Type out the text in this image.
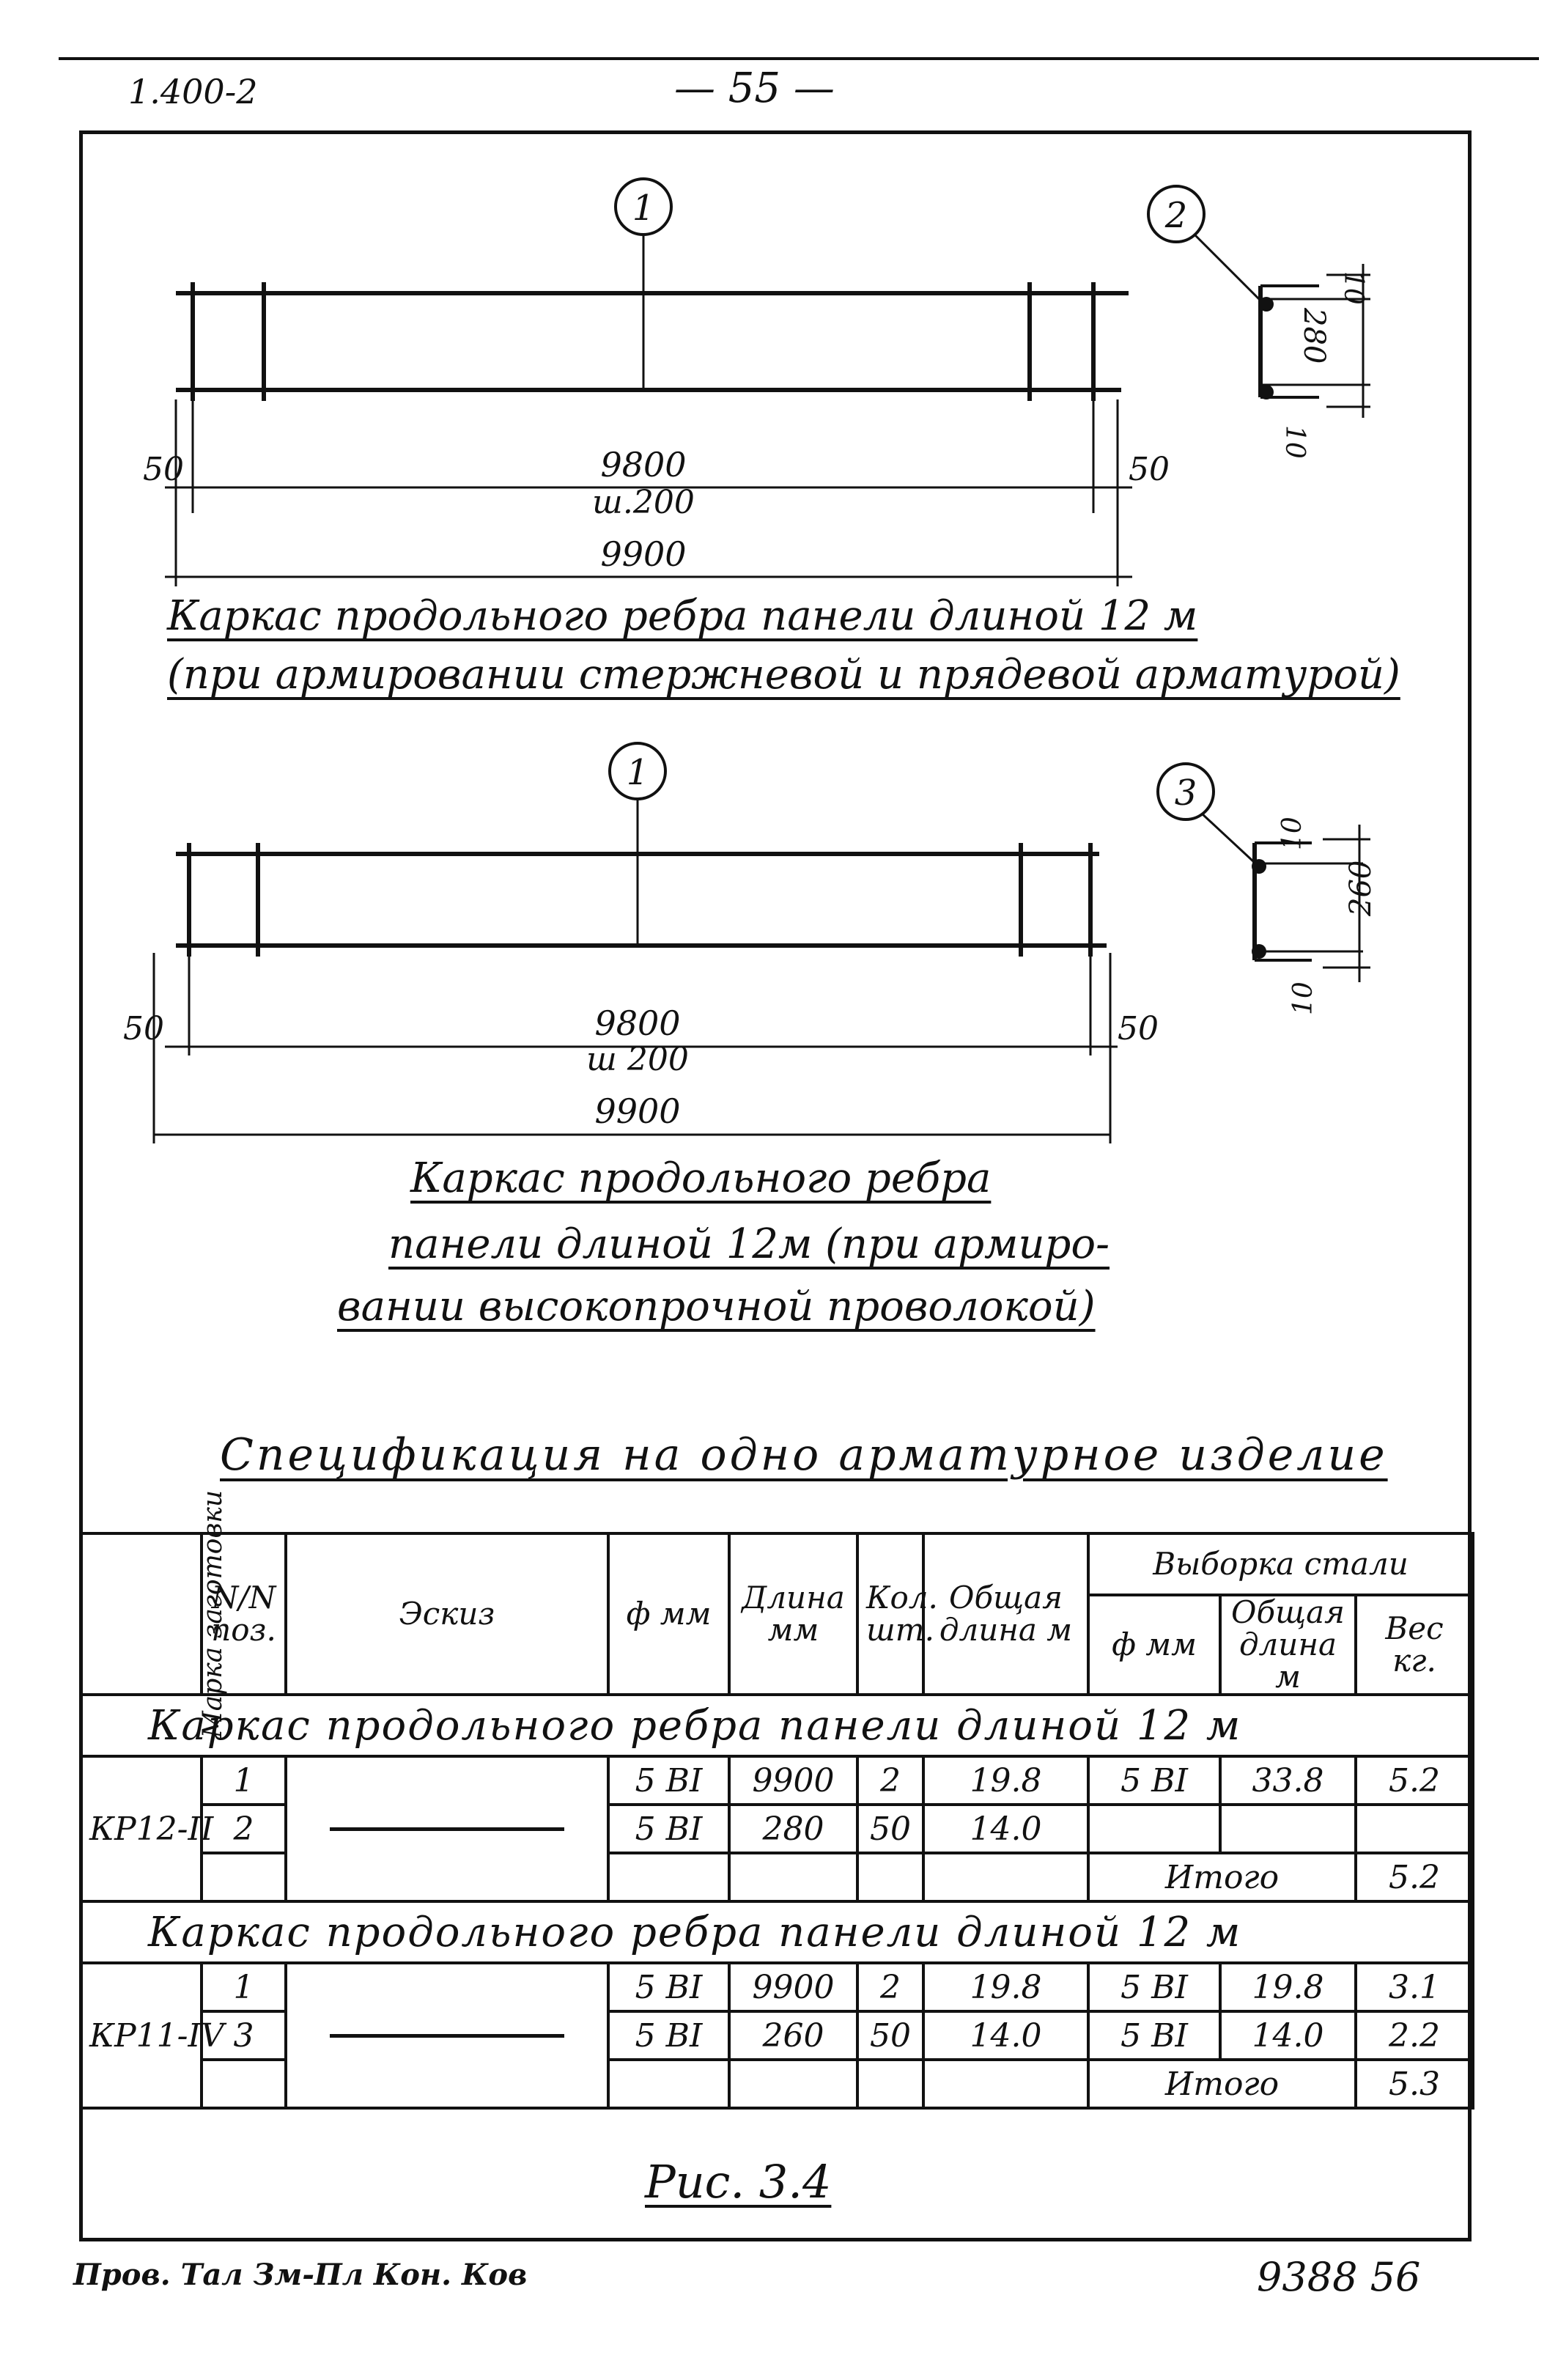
1.400-2	— 55 —
1	2
50	50
9800
ш.200
9900
10
280
10
1	3
50	50
9800
ш 200
9900
10
260
10
Каркас продольного ребра панели длиной 12 м
(при армировании стержневой и прядевой арматурой)
Каркас продольного ребра
панели длиной 12м (при армиро-
вании высокопрочной проволокой)
Спецификация на одно арматурное изделие
Марка заготовки	N/N поз.	Эскиз	ф мм	Длина мм	Кол. шт.	Общая длина м	Выборка стали		
							ф мм	Общая длина м	Вес кг.
Каркас продольного ребра панели длиной 12 м									
КР12-II	1		5 BI	9900	2	19.8	5 BI	33.8	5.2
	2		5 BI	280	50	14.0			
							Итого		5.2
Каркас продольного ребра панели длиной 12 м									
КР11-IV	1		5 BI	9900	2	19.8	5 BI	19.8	3.1
	3		5 BI	260	50	14.0	5 BI	14.0	2.2
							Итого		5.3
Рис. 3.4
Пров. Тал Зм-Пл Кон. Ков	9388 56
